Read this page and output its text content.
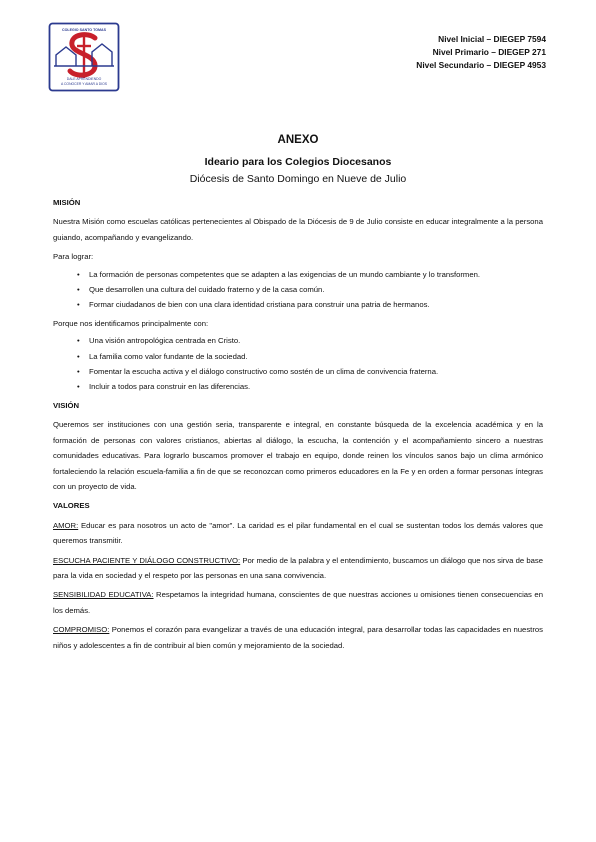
COLEGIO SANTO TOMAS
DALE APRENDIENDO
A CONOCER Y AMAR A DIOS
Nivel Inicial – DIEGEP 7594
Nivel Primario – DIEGEP 271
Nivel Secundario – DIEGEP 4953
ANEXO
Ideario para los Colegios Diocesanos
Diócesis de Santo Domingo en Nueve de Julio
MISIÓN

Nuestra Misión como escuelas católicas pertenecientes al Obispado de la Diócesis de 9 de Julio consiste en educar integralmente a la persona guiando, acompañando y evangelizando.

Para lograr:

• La formación de personas competentes que se adapten a las exigencias de un mundo cambiante y lo transformen.
• Que desarrollen una cultura del cuidado fraterno y de la casa común.
• Formar ciudadanos de bien con una clara identidad cristiana para construir una patria de hermanos.

Porque nos identificamos principalmente con:

• Una visión antropológica centrada en Cristo.
• La familia como valor fundante de la sociedad.
• Fomentar la escucha activa y el diálogo constructivo como sostén de un clima de convivencia fraterna.
• Incluir a todos para construir en las diferencias.
VISIÓN

Queremos ser instituciones con una gestión seria, transparente e integral, en constante búsqueda de la excelencia académica y en la formación de personas con valores cristianos, abiertas al diálogo, la escucha, la contención y el acompañamiento sincero a nuestras comunidades educativas. Para lograrlo buscamos promover el trabajo en equipo, donde reinen los vínculos sanos bajo un clima armónico fortaleciendo la relación escuela-familia a fin de que se reconozcan como primeros educadores en la Fe y en orden a formar personas íntegras con un proyecto de vida.

VALORES

AMOR: Educar es para nosotros un acto de "amor". La caridad es el pilar fundamental en el cual se sustentan todos los demás valores que queremos transmitir.

ESCUCHA PACIENTE Y DIÁLOGO CONSTRUCTIVO: Por medio de la palabra y el entendimiento, buscamos un diálogo que nos sirva de base para la vida en sociedad y el respeto por las personas en una sana convivencia.

SENSIBILIDAD EDUCATIVA: Respetamos la integridad humana, conscientes de que nuestras acciones u omisiones tienen consecuencias en los demás.

COMPROMISO: Ponemos el corazón para evangelizar a través de una educación integral, para desarrollar todas las capacidades en nuestros niños y adolescentes a fin de contribuir al bien común y mejoramiento de la sociedad.
